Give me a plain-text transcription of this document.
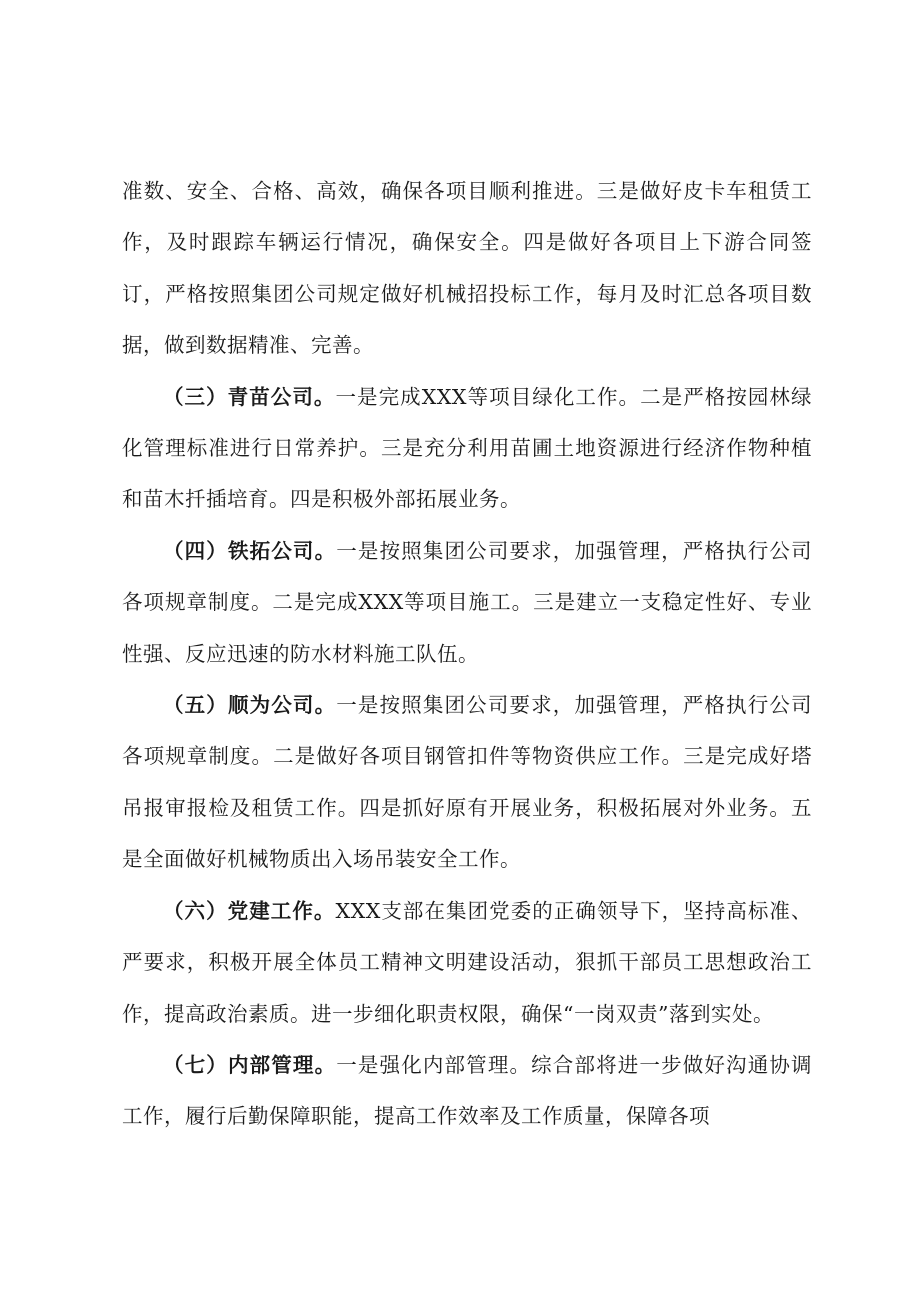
准数、安全、合格、高效，确保各项目顺利推进。三是做好皮卡车租赁工作，及时跟踪车辆运行情况，确保安全。四是做好各项目上下游合同签订，严格按照集团公司规定做好机械招投标工作，每月及时汇总各项目数据，做到数据精准、完善。

（三）青苗公司。一是完成XXX等项目绿化工作。二是严格按园林绿化管理标准进行日常养护。三是充分利用苗圃土地资源进行经济作物种植和苗木扦插培育。四是积极外部拓展业务。

（四）铁拓公司。一是按照集团公司要求，加强管理，严格执行公司各项规章制度。二是完成XXX等项目施工。三是建立一支稳定性好、专业性强、反应迅速的防水材料施工队伍。

（五）顺为公司。一是按照集团公司要求，加强管理，严格执行公司各项规章制度。二是做好各项目钢管扣件等物资供应工作。三是完成好塔吊报审报检及租赁工作。四是抓好原有开展业务，积极拓展对外业务。五是全面做好机械物质出入场吊装安全工作。

（六）党建工作。XXX支部在集团党委的正确领导下，坚持高标准、严要求，积极开展全体员工精神文明建设活动，狠抓干部员工思想政治工作，提高政治素质。进一步细化职责权限，确保“一岗双责”落到实处。

（七）内部管理。一是强化内部管理。综合部将进一步做好沟通协调工作，履行后勤保障职能，提高工作效率及工作质量，保障各项
